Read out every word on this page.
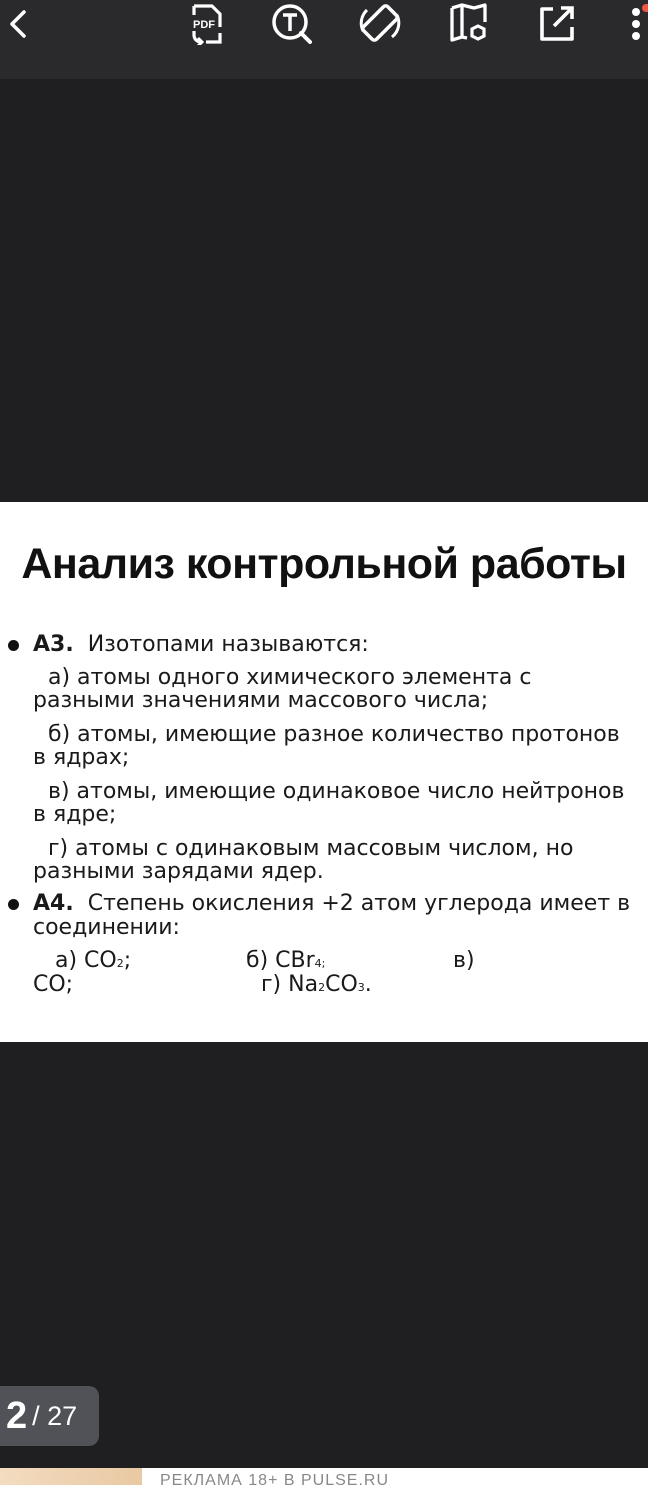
PDF
Анализ контрольной работы
А3. Изотопами называются:
а) атомы одного химического элемента с
разными значениями массового числа;
б) атомы, имеющие разное количество протонов
в ядрах;
в) атомы, имеющие одинаковое число нейтронов
в ядре;
г) атомы с одинаковым массовым числом, но
разными зарядами ядер.
А4. Степень окисления +2 атом углерода имеет в
соединении:
а) CO2;	б) CBr4;	в)
CO;	г) Na2CO3.
2 / 27
РЕКЛАМА 18+ В PULSE.RU
